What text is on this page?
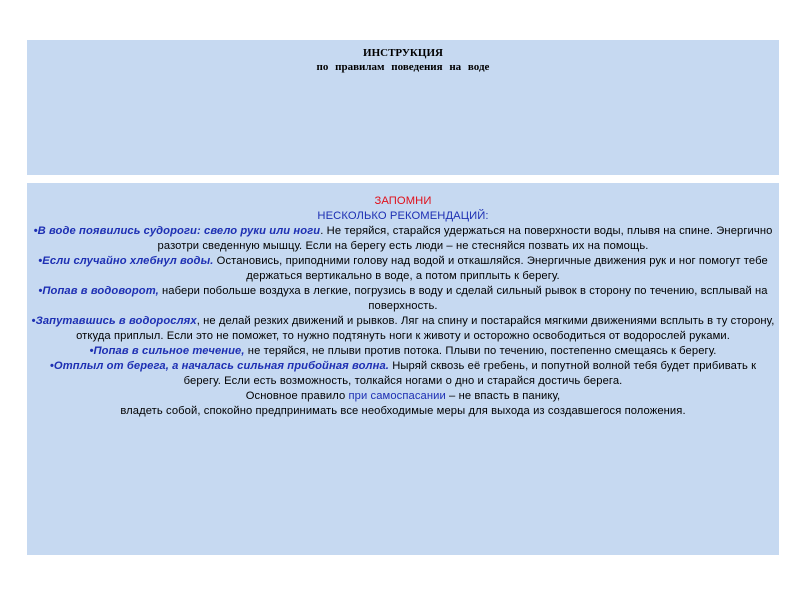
ИНСТРУКЦИЯ
по правилам поведения на воде

ЗАПОМНИ

НЕСКОЛЬКО РЕКОМЕНДАЦИЙ:

•В воде появились судороги: свело руки или ноги. Не теряйся, старайся удержаться на поверхности воды, плывя на спине. Энергично разотри сведенную мышцу. Если на берегу есть люди – не стесняйся позвать их на помощь.

•Если случайно хлебнул воды. Остановись, приподними голову над водой и откашляйся. Энергичные движения рук и ног помогут тебе держаться вертикально в воде, а потом приплыть к берегу.

•Попав в водоворот, набери побольше воздуха в легкие, погрузись в воду и сделай сильный рывок в сторону по течению, всплывай на поверхность.

•Запутавшись в водорослях, не делай резких движений и рывков. Ляг на спину и постарайся мягкими движениями всплыть в ту сторону, откуда приплыл. Если это не поможет, то нужно подтянуть ноги к животу и осторожно освободиться от водорослей руками.

•Попав в сильное течение, не теряйся, не плыви против потока. Плыви по течению, постепенно смещаясь к берегу.

•Отплыл от берега, а началась сильная прибойная волна. Ныряй сквозь её гребень, и попутной волной тебя будет прибивать к берегу. Если есть возможность, толкайся ногами о дно и старайся достичь берега.

Основное правило при самоспасании – не впасть в панику,

владеть собой, спокойно предпринимать все необходимые меры для выхода из создавшегося положения.
